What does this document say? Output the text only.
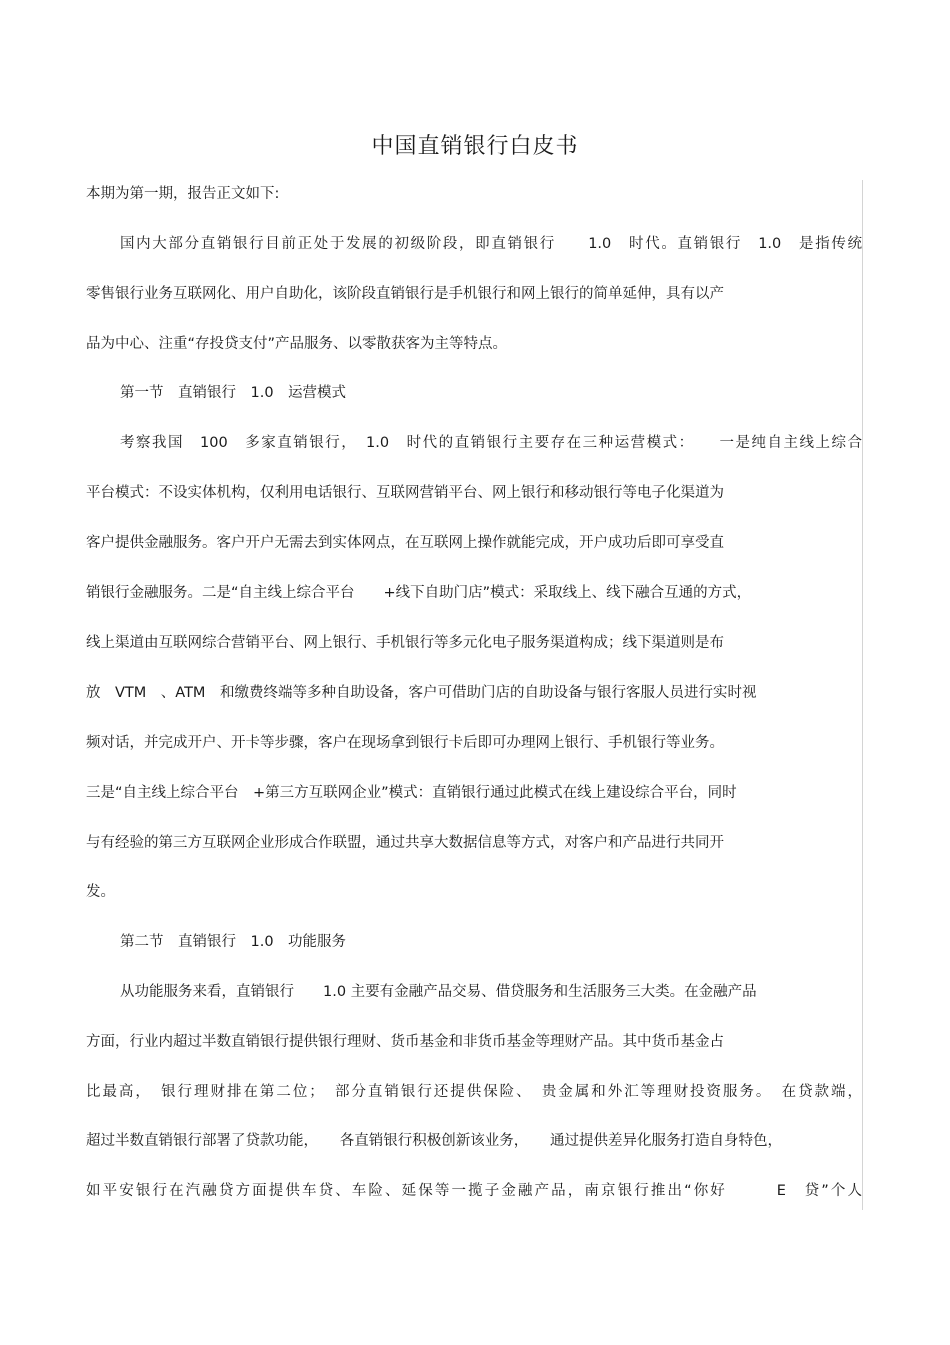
中国直销银行白皮书
本期为第一期，报告正文如下:
国内大部分直销银行目前正处于发展的初级阶段，即直销银行　　1.0　时代。直销银行　1.0　是指传统
零售银行业务互联网化、用户自助化，该阶段直销银行是手机银行和网上银行的简单延伸，具有以产
品为中心、注重“存投贷支付”产品服务、以零散获客为主等特点。
第一节　直销银行　1.0　运营模式
考察我国　100　多家直销银行，　1.0　时代的直销银行主要存在三种运营模式：　　一是纯自主线上综合
平台模式：不设实体机构，仅利用电话银行、互联网营销平台、网上银行和移动银行等电子化渠道为
客户提供金融服务。客户开户无需去到实体网点，在互联网上操作就能完成，开户成功后即可享受直
销银行金融服务。二是“自主线上综合平台　　+线下自助门店”模式：采取线上、线下融合互通的方式，
线上渠道由互联网综合营销平台、网上银行、手机银行等多元化电子服务渠道构成；线下渠道则是布
放　VTM　、ATM　和缴费终端等多种自助设备，客户可借助门店的自助设备与银行客服人员进行实时视
频对话，并完成开户、开卡等步骤，客户在现场拿到银行卡后即可办理网上银行、手机银行等业务。
三是“自主线上综合平台　+第三方互联网企业”模式：直销银行通过此模式在线上建设综合平台，同时
与有经验的第三方互联网企业形成合作联盟，通过共享大数据信息等方式，对客户和产品进行共同开
发。
第二节　直销银行　1.0　功能服务
从功能服务来看，直销银行　　1.0 主要有金融产品交易、借贷服务和生活服务三大类。在金融产品
方面，行业内超过半数直销银行提供银行理财、货币基金和非货币基金等理财产品。其中货币基金占
比最高，　银行理财排在第二位；　部分直销银行还提供保险、　贵金属和外汇等理财投资服务。　在贷款端，
超过半数直销银行部署了贷款功能，　　各直销银行积极创新该业务，　　通过提供差异化服务打造自身特色，
如平安银行在汽融贷方面提供车贷、车险、延保等一揽子金融产品，南京银行推出“你好　　　E　贷”个人
